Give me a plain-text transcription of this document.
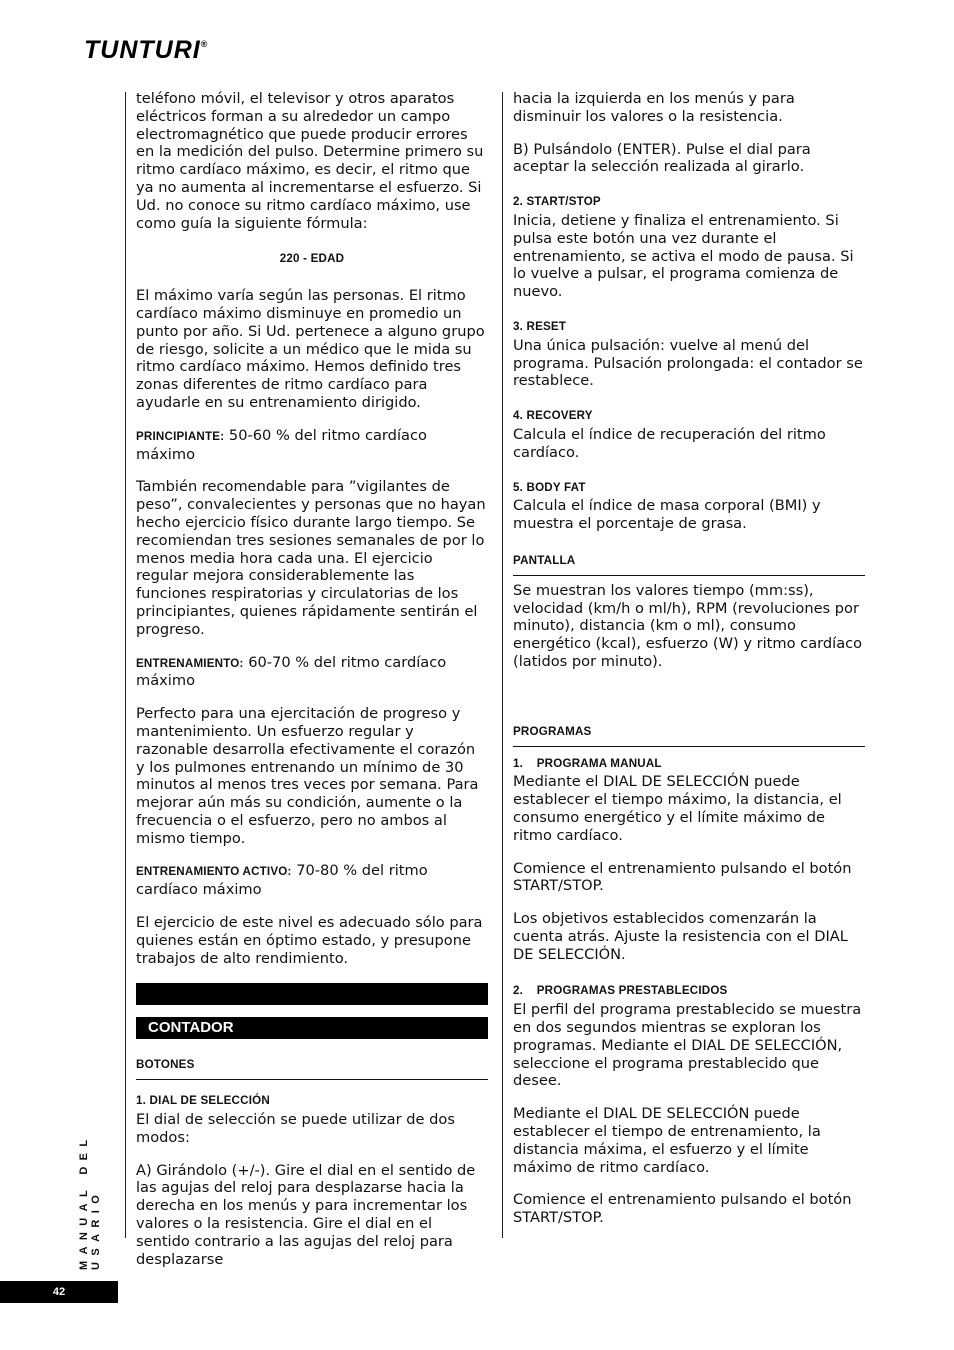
TUNTURI®

teléfono móvil, el televisor y otros aparatos eléctricos forman a su alrededor un campo electromagnético que puede producir errores en la medición del pulso. Determine primero su ritmo cardíaco máximo, es decir, el ritmo que ya no aumenta al incrementarse el esfuerzo. Si Ud. no conoce su ritmo cardíaco máximo, use como guía la siguiente fórmula:

220 - EDAD

El máximo varía según las personas. El ritmo cardíaco máximo disminuye en promedio un punto por año. Si Ud. pertenece a alguno grupo de riesgo, solicite a un médico que le mida su ritmo cardíaco máximo. Hemos definido tres zonas diferentes de ritmo cardíaco para ayudarle en su entrenamiento dirigido.

PRINCIPIANTE: 50-60 % del ritmo cardíaco máximo

También recomendable para ”vigilantes de peso”, convalecientes y personas que no hayan hecho ejercicio físico durante largo tiempo. Se recomiendan tres sesiones semanales de por lo menos media hora cada una. El ejercicio regular mejora considerablemente las funciones respiratorias y circulatorias de los principiantes, quienes rápidamente sentirán el progreso.

ENTRENAMIENTO: 60-70 % del ritmo cardíaco máximo

Perfecto para una ejercitación de progreso y mantenimiento. Un esfuerzo regular y razonable desarrolla efectivamente el corazón y los pulmones entrenando un mínimo de 30 minutos al menos tres veces por semana. Para mejorar aún más su condición, aumente o la frecuencia o el esfuerzo, pero no ambos al mismo tiempo.

ENTRENAMIENTO ACTIVO: 70-80 % del ritmo cardíaco máximo

El ejercicio de este nivel es adecuado sólo para quienes están en óptimo estado, y presupone trabajos de alto rendimiento.

CONTADOR
BOTONES
1. DIAL DE SELECCIÓN

El dial de selección se puede utilizar de dos modos:

A) Girándolo (+/-). Gire el dial en el sentido de las agujas del reloj para desplazarse hacia la derecha en los menús y para incrementar los valores o la resistencia. Gire el dial en el sentido contrario a las agujas del reloj para desplazarse

hacia la izquierda en los menús y para disminuir los valores o la resistencia.

B) Pulsándolo (ENTER). Pulse el dial para aceptar la selección realizada al girarlo.

2. START/STOP

Inicia, detiene y finaliza el entrenamiento. Si pulsa este botón una vez durante el entrenamiento, se activa el modo de pausa. Si lo vuelve a pulsar, el programa comienza de nuevo.

3. RESET

Una única pulsación: vuelve al menú del programa. Pulsación prolongada: el contador se restablece.

4. RECOVERY

Calcula el índice de recuperación del ritmo cardíaco.

5. BODY FAT

Calcula el índice de masa corporal (BMI) y muestra el porcentaje de grasa.

PANTALLA

Se muestran los valores tiempo (mm:ss), velocidad (km/h o ml/h), RPM (revoluciones por minuto), distancia (km o ml), consumo energético (kcal), esfuerzo (W) y ritmo cardíaco (latidos por minuto).

PROGRAMAS
1.    PROGRAMA MANUAL

Mediante el DIAL DE SELECCIÓN puede establecer el tiempo máximo, la distancia, el consumo energético y el límite máximo de ritmo cardíaco.

Comience el entrenamiento pulsando el botón START/STOP.

Los objetivos establecidos comenzarán la cuenta atrás. Ajuste la resistencia con el DIAL DE SELECCIÓN.

2.    PROGRAMAS PRESTABLECIDOS

El perfil del programa prestablecido se muestra en dos segundos mientras se exploran los programas. Mediante el DIAL DE SELECCIÓN, seleccione el programa prestablecido que desee.

Mediante el DIAL DE SELECCIÓN puede establecer el tiempo de entrenamiento, la distancia máxima, el esfuerzo y el límite máximo de ritmo cardíaco.

Comience el entrenamiento pulsando el botón START/STOP.

MANUAL DEL USARIO
42
